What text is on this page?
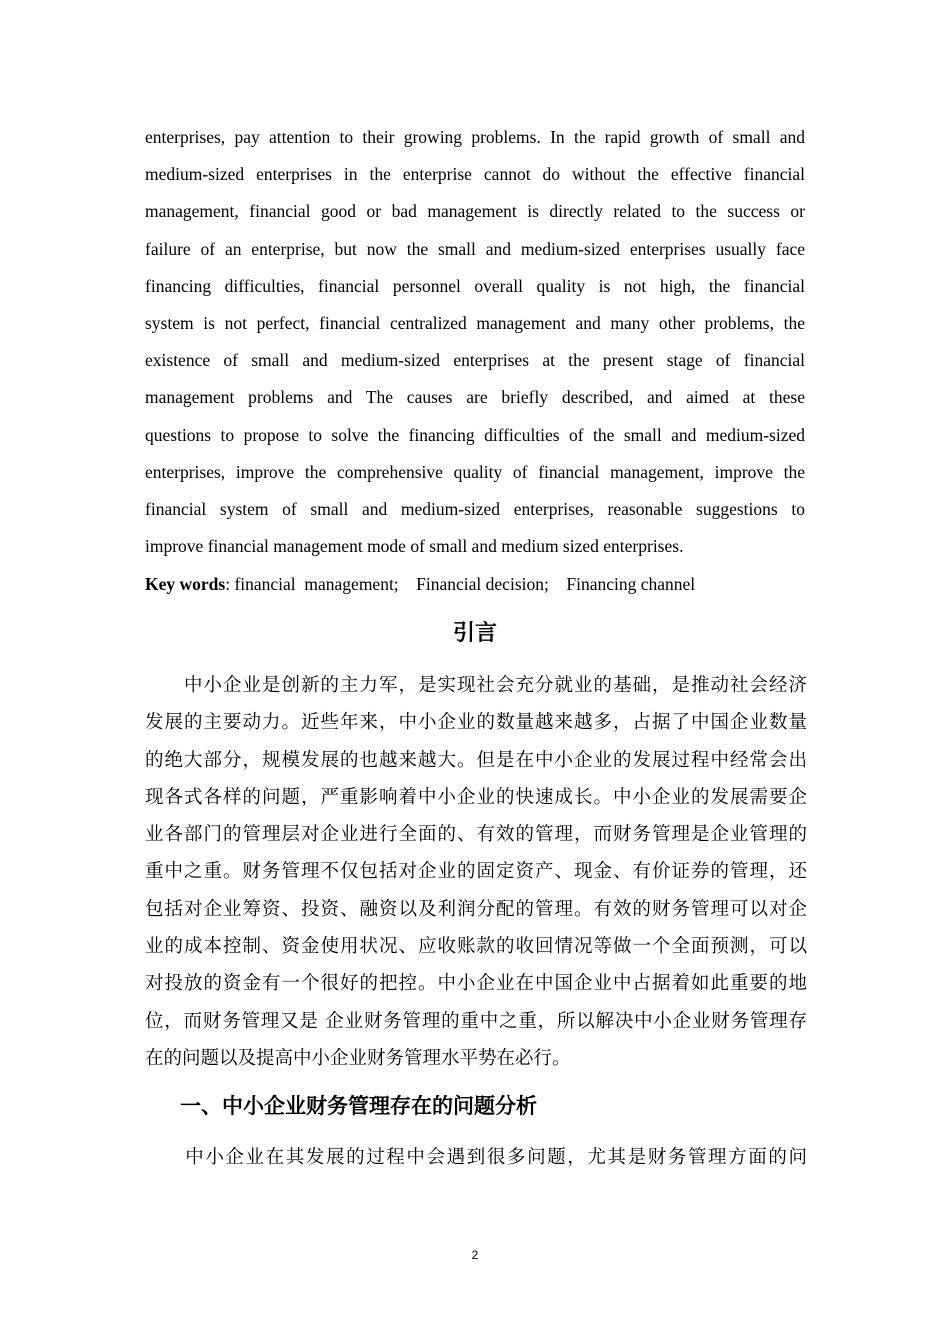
enterprises, pay attention to their growing problems. In the rapid growth of small and
medium-sized enterprises in the enterprise cannot do without the effective financial
management, financial good or bad management is directly related to the success or
failure of an enterprise, but now the small and medium-sized enterprises usually face
financing difficulties, financial personnel overall quality is not high, the financial
system is not perfect, financial centralized management and many other problems, the
existence of small and medium-sized enterprises at the present stage of financial
management problems and The causes are briefly described, and aimed at these
questions to propose to solve the financing difficulties of the small and medium-sized
enterprises, improve the comprehensive quality of financial management, improve the
financial system of small and medium-sized enterprises, reasonable suggestions to
improve financial management mode of small and medium sized enterprises.

Key words: financial  management;    Financial decision;    Financing channel

引言
　　中小企业是创新的主力军，是实现社会充分就业的基础，是推动社会经济
发展的主要动力。近些年来，中小企业的数量越来越多，占据了中国企业数量
的绝大部分，规模发展的也越来越大。但是在中小企业的发展过程中经常会出
现各式各样的问题，严重影响着中小企业的快速成长。中小企业的发展需要企
业各部门的管理层对企业进行全面的、有效的管理，而财务管理是企业管理的
重中之重。财务管理不仅包括对企业的固定资产、现金、有价证券的管理，还
包括对企业筹资、投资、融资以及利润分配的管理。有效的财务管理可以对企
业的成本控制、资金使用状况、应收账款的收回情况等做一个全面预测，可以
对投放的资金有一个很好的把控。中小企业在中国企业中占据着如此重要的地
位，而财务管理又是 企业财务管理的重中之重，所以解决中小企业财务管理存
在的问题以及提高中小企业财务管理水平势在必行。
一、中小企业财务管理存在的问题分析
　　中小企业在其发展的过程中会遇到很多问题，尤其是财务管理方面的问
2
